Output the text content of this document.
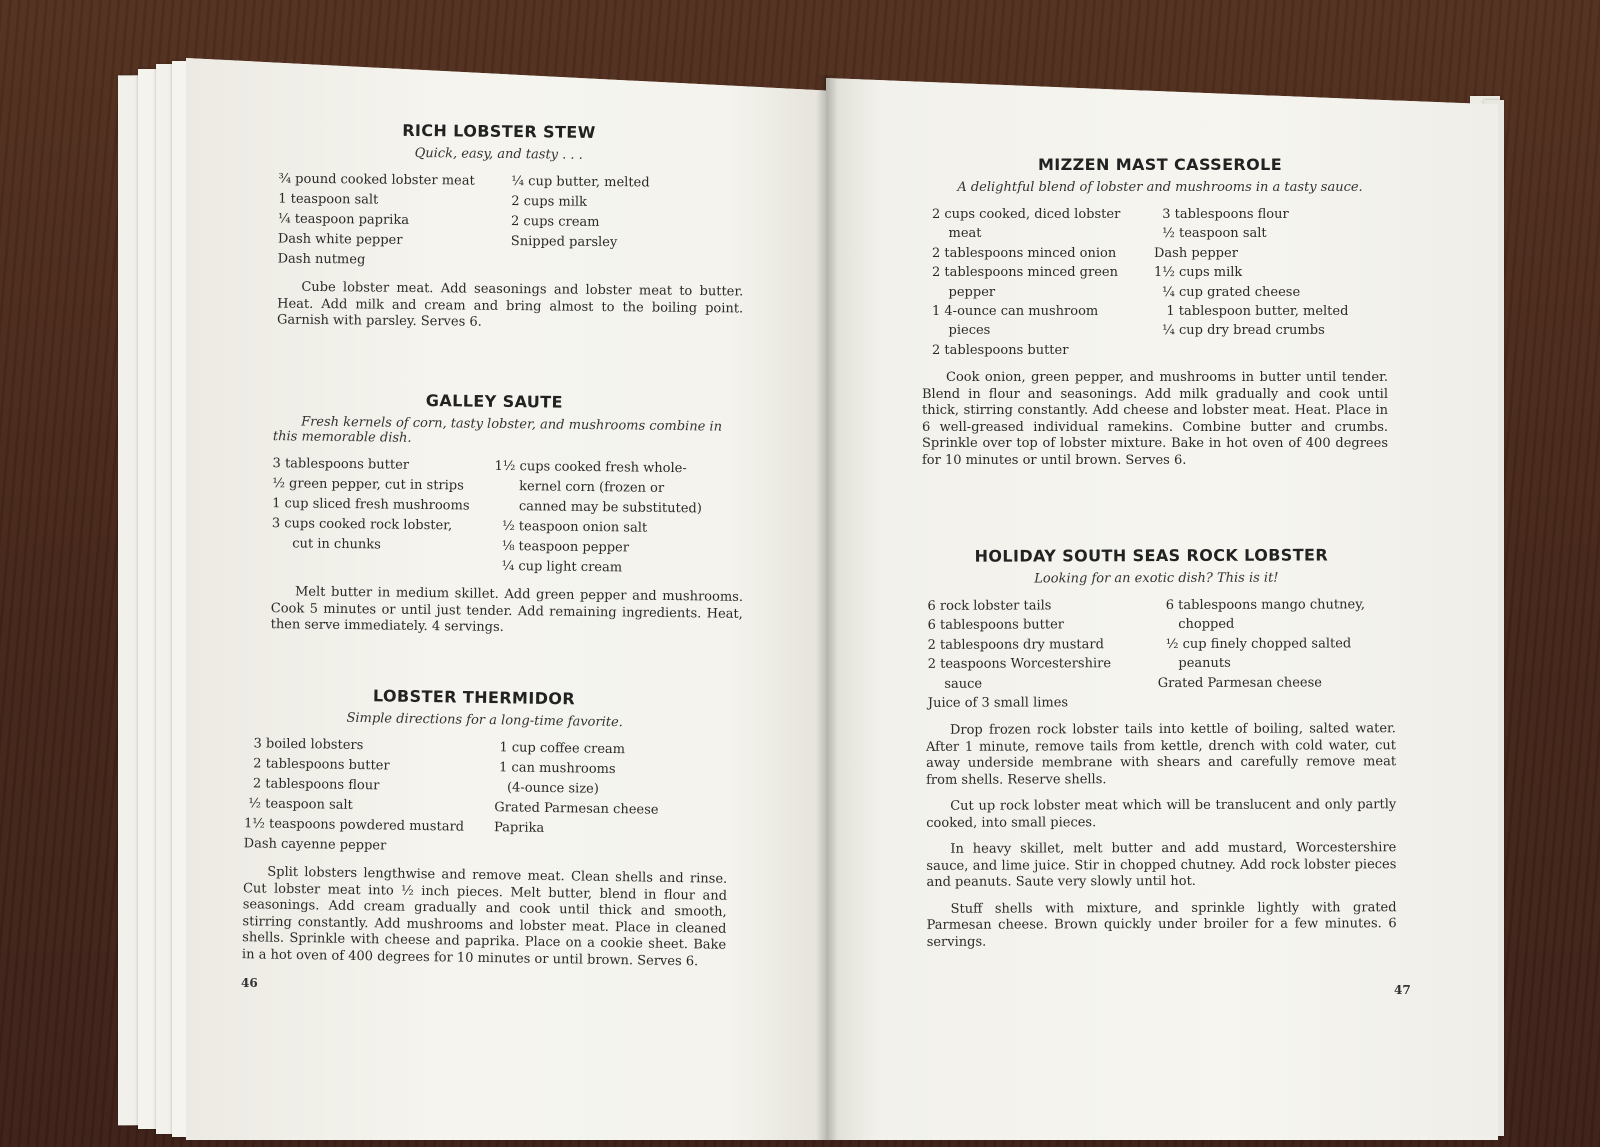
RICH LOBSTER STEW
Quick, easy, and tasty . . .
¾ pound cooked lobster meat
1 teaspoon salt
¼ teaspoon paprika
Dash white pepper
Dash nutmeg
¼ cup butter, melted
2 cups milk
2 cups cream
Snipped parsley
Cube lobster meat. Add seasonings and lobster meat to butter. Heat. Add milk and cream and bring almost to the boiling point. Garnish with parsley. Serves 6.
GALLEY SAUTE
Fresh kernels of corn, tasty lobster, and mushrooms combine in this memorable dish.
3 tablespoons butter
½ green pepper, cut in strips
1 cup sliced fresh mushrooms
3 cups cooked rock lobster,
cut in chunks
1½ cups cooked fresh whole-
kernel corn (frozen or
canned may be substituted)
½ teaspoon onion salt
⅛ teaspoon pepper
¼ cup light cream
Melt butter in medium skillet. Add green pepper and mushrooms. Cook 5 minutes or until just tender. Add remaining ingredients. Heat, then serve immediately. 4 servings.
LOBSTER THERMIDOR
Simple directions for a long-time favorite.
3 boiled lobsters
2 tablespoons butter
2 tablespoons flour
½ teaspoon salt
1½ teaspoons powdered mustard
Dash cayenne pepper
1 cup coffee cream
1 can mushrooms
(4-ounce size)
Grated Parmesan cheese
Paprika
Split lobsters lengthwise and remove meat. Clean shells and rinse. Cut lobster meat into ½ inch pieces. Melt butter, blend in flour and seasonings. Add cream gradually and cook until thick and smooth, stirring constantly. Add mushrooms and lobster meat. Place in cleaned shells. Sprinkle with cheese and paprika. Place on a cookie sheet. Bake in a hot oven of 400 degrees for 10 minutes or until brown. Serves 6.
46
MIZZEN MAST CASSEROLE
A delightful blend of lobster and mushrooms in a tasty sauce.
2 cups cooked, diced lobster
meat
2 tablespoons minced onion
2 tablespoons minced green
pepper
1 4-ounce can mushroom
pieces
2 tablespoons butter
3 tablespoons flour
½ teaspoon salt
Dash pepper
1½ cups milk
¼ cup grated cheese
1 tablespoon butter, melted
¼ cup dry bread crumbs
Cook onion, green pepper, and mushrooms in butter until tender. Blend in flour and seasonings. Add milk gradually and cook until thick, stirring constantly. Add cheese and lobster meat. Heat. Place in 6 well-greased individual ramekins. Combine butter and crumbs. Sprinkle over top of lobster mixture. Bake in hot oven of 400 degrees for 10 minutes or until brown. Serves 6.
HOLIDAY SOUTH SEAS ROCK LOBSTER
Looking for an exotic dish? This is it!
6 rock lobster tails
6 tablespoons butter
2 tablespoons dry mustard
2 teaspoons Worcestershire
sauce
Juice of 3 small limes
6 tablespoons mango chutney,
chopped
½ cup finely chopped salted
peanuts
Grated Parmesan cheese
Drop frozen rock lobster tails into kettle of boiling, salted water. After 1 minute, remove tails from kettle, drench with cold water, cut away underside membrane with shears and carefully remove meat from shells. Reserve shells.
Cut up rock lobster meat which will be translucent and only partly cooked, into small pieces.
In heavy skillet, melt butter and add mustard, Worcestershire sauce, and lime juice. Stir in chopped chutney. Add rock lobster pieces and peanuts. Saute very slowly until hot.
Stuff shells with mixture, and sprinkle lightly with grated Parmesan cheese. Brown quickly under broiler for a few minutes. 6 servings.
47
